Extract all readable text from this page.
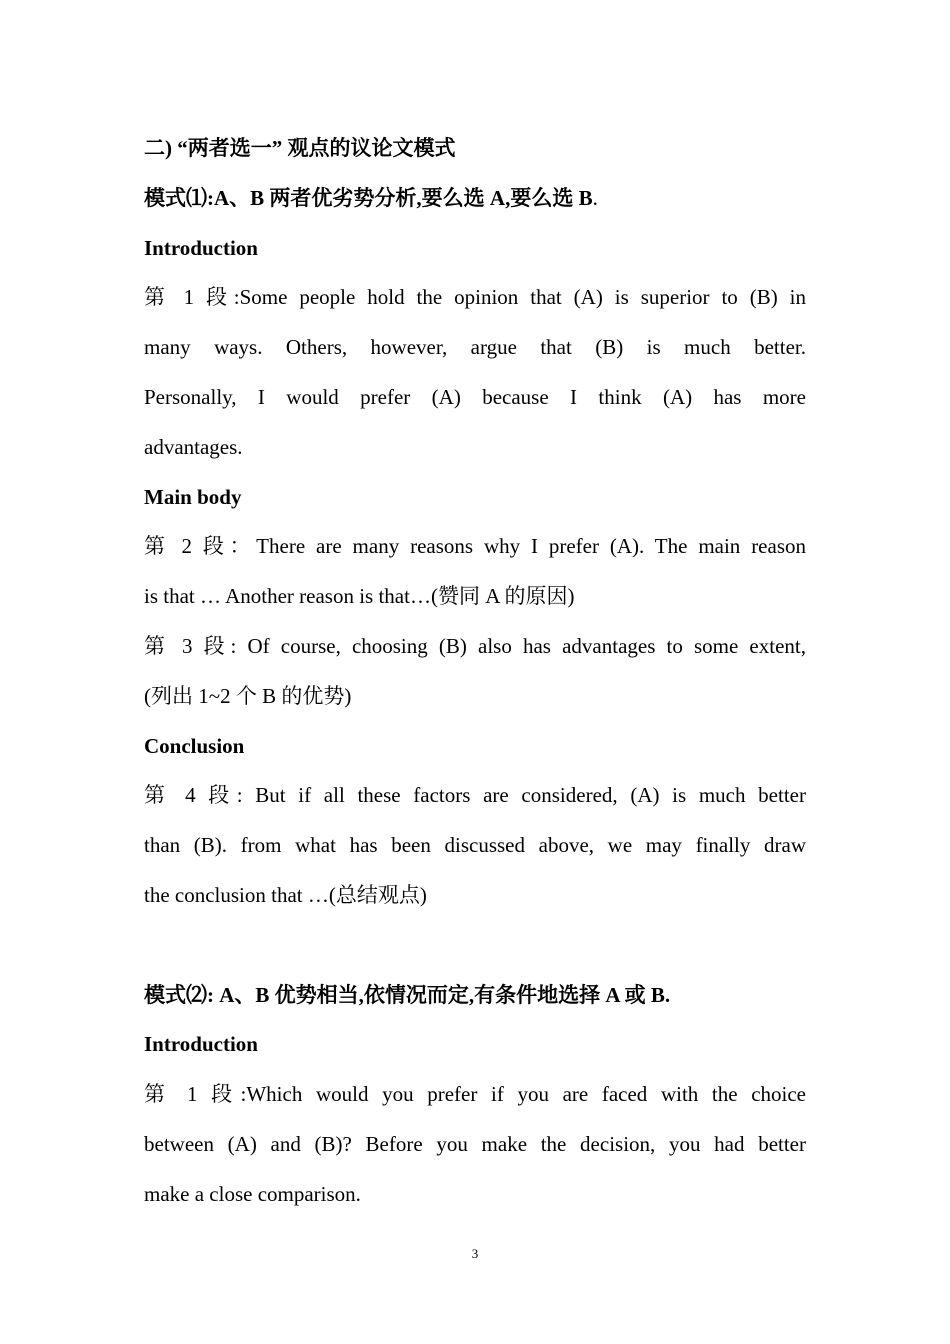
二) “两者选一” 观点的议论文模式
模式⑴:A、B 两者优劣势分析,要么选 A,要么选 B.
Introduction
第 1 段:Some people hold the opinion that (A) is superior to (B) in
many ways. Others, however, argue that (B) is much better.
Personally, I would prefer (A) because I think (A) has more
advantages.
Main body
第 2 段：There are many reasons why I prefer (A). The main reason
is that … Another reason is that…(赞同 A 的原因)
第 3 段: Of course, choosing (B) also has advantages to some extent,
(列出 1~2 个 B 的优势)
Conclusion
第 4 段: But if all these factors are considered, (A) is much better
than (B). from what has been discussed above, we may finally draw
the conclusion that …(总结观点)
模式⑵: A、B 优势相当,依情况而定,有条件地选择 A 或 B.
Introduction
第 1 段:Which would you prefer if you are faced with the choice
between (A) and (B)? Before you make the decision, you had better
make a close comparison.
3
